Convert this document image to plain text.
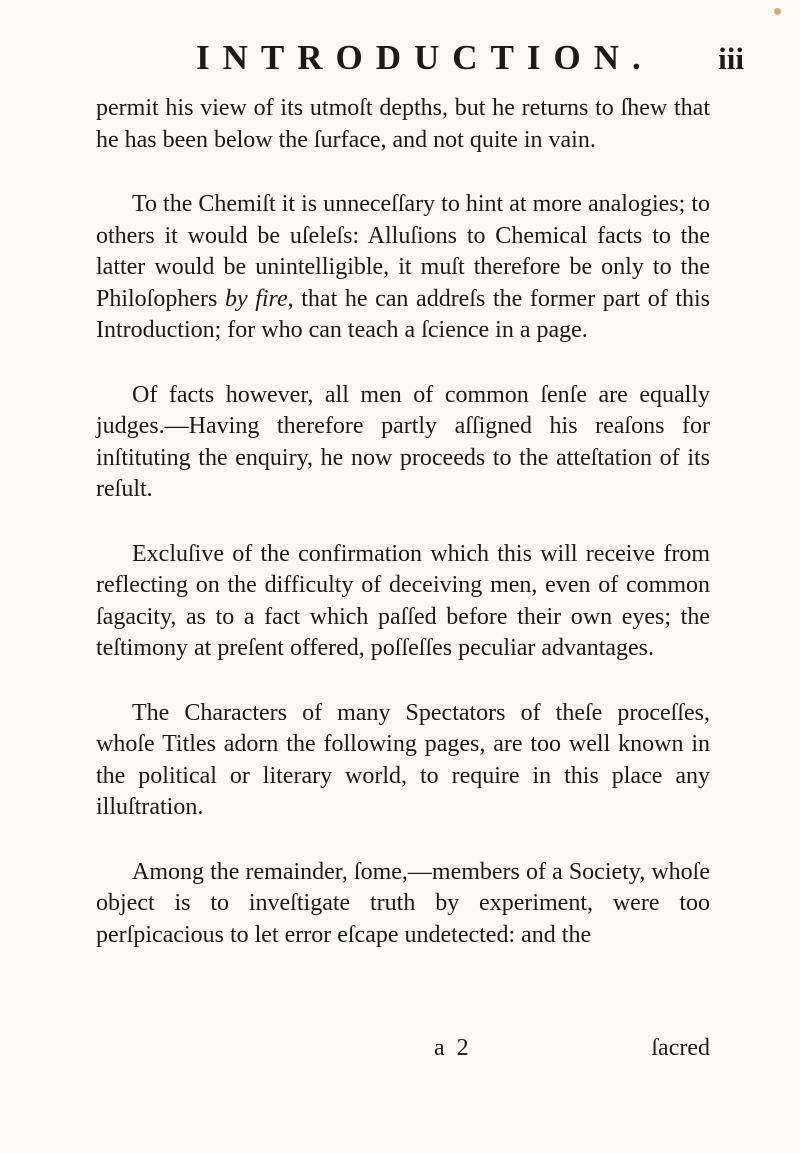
INTRODUCTION. iii

permit his view of its utmoſt depths, but he returns to ſhew that he has been below the ſurface, and not quite in vain.

To the Chemiſt it is unneceſſary to hint at more analogies; to others it would be uſeleſs: Alluſions to Chemical facts to the latter would be unintelligible, it muſt therefore be only to the Philoſophers by fire, that he can addreſs the former part of this Introduction; for who can teach a ſcience in a page.

Of facts however, all men of common ſenſe are equally judges.—Having therefore partly aſſigned his reaſons for inſtituting the enquiry, he now proceeds to the atteſtation of its reſult.

Excluſive of the confirmation which this will receive from reflecting on the difficulty of deceiving men, even of common ſagacity, as to a fact which paſſed before their own eyes; the teſtimony at preſent offered, poſſeſſes peculiar advantages.

The Characters of many Spectators of theſe proceſſes, whoſe Titles adorn the following pages, are too well known in the political or literary world, to require in this place any illuſtration.

Among the remainder, ſome,—members of a Society, whoſe object is to inveſtigate truth by experiment, were too perſpicacious to let error eſcape undetected: and the

a 2	ſacred
